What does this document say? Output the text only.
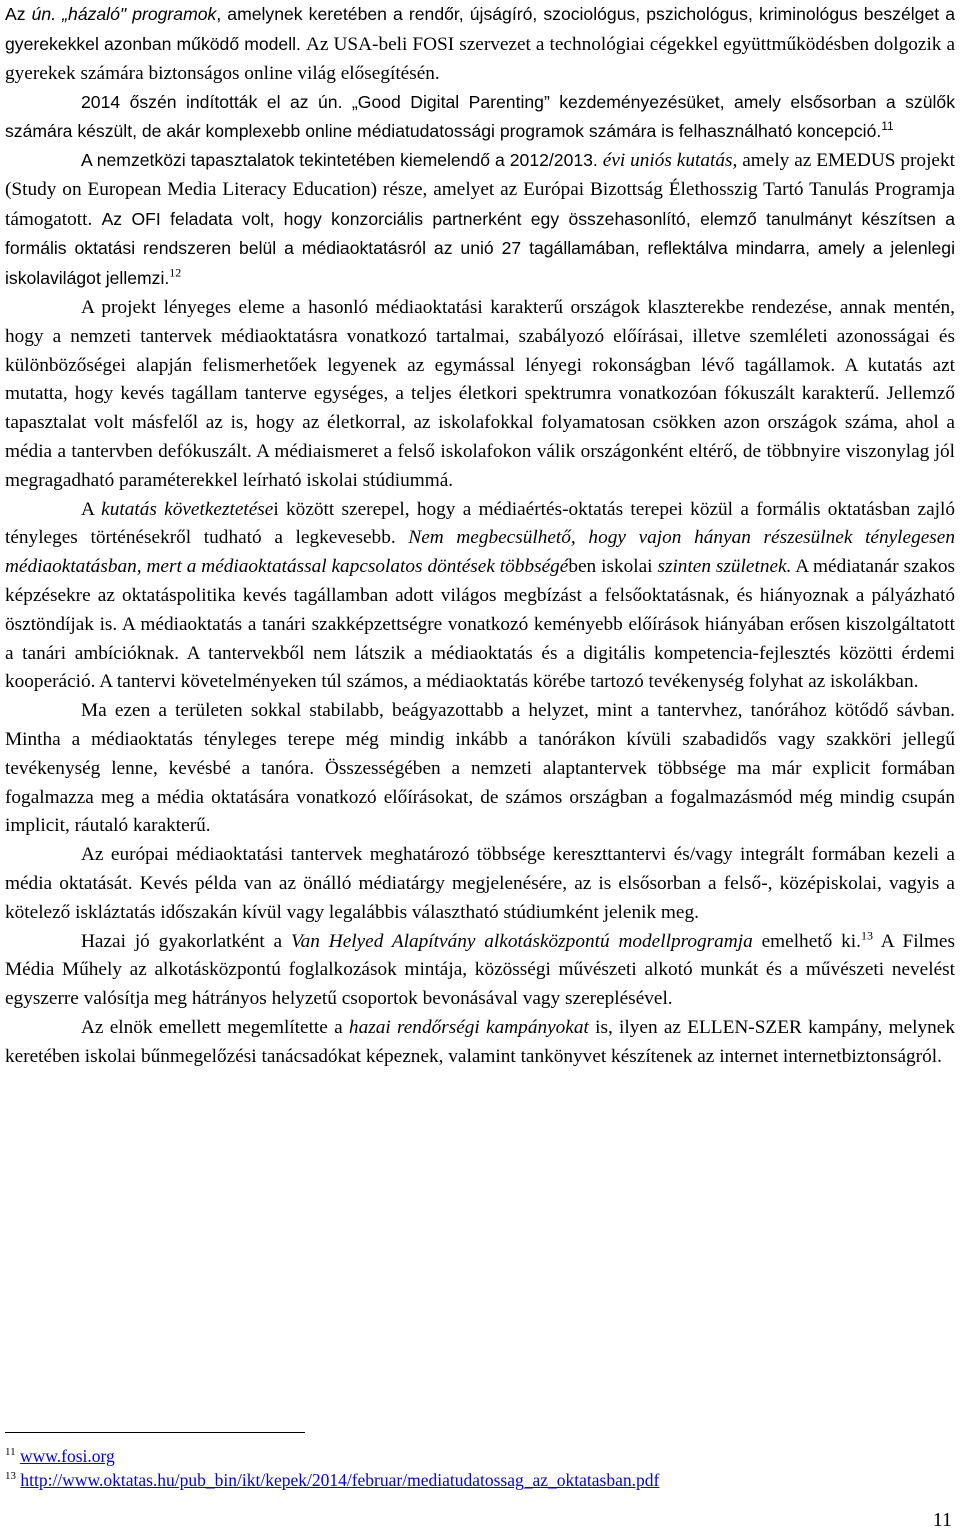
Az ún. „házaló" programok, amelynek keretében a rendőr, újságíró, szociológus, pszichológus, kriminológus beszélget a gyerekekkel azonban működő modell. Az USA-beli FOSI szervezet a technológiai cégekkel együttműködésben dolgozik a gyerekek számára biztonságos online világ elősegítésén.

2014 őszén indították el az ún. „Good Digital Parenting” kezdeményezésüket, amely elsősorban a szülők számára készült, de akár komplexebb online médiatudatossági programok számára is felhasználható koncepció.$^{11}$

A nemzetközi tapasztalatok tekintetében kiemelendő a 2012/2013. évi uniós kutatás, amely az EMEDUS projekt (Study on European Media Literacy Education) része, amelyet az Európai Bizottság Élethosszig Tartó Tanulás Programja támogatott. Az OFI feladata volt, hogy konzorciális partnerként egy összehasonlító, elemző tanulmányt készítsen a formális oktatási rendszeren belül a médiaoktatásról az unió 27 tagállamában, reflektálva mindarra, amely a jelenlegi iskolavilágot jellemzi.$^{12}$

A projekt lényeges eleme a hasonló médiaoktatási karakterű országok klaszterekbe rendezése, annak mentén, hogy a nemzeti tantervek médiaoktatásra vonatkozó tartalmai, szabályozó előírásai, illetve szemléleti azonosságai és különbözőségei alapján felismerhetőek legyenek az egymással lényegi rokonságban lévő tagállamok. A kutatás azt mutatta, hogy kevés tagállam tanterve egységes, a teljes életkori spektrumra vonatkozóan fókuszált karakterű. Jellemző tapasztalat volt másfelől az is, hogy az életkorral, az iskolafokkal folyamatosan csökken azon országok száma, ahol a média a tantervben defókuszált. A médiaismeret a felső iskolafokon válik országonként eltérő, de többnyire viszonylag jól megragadható paraméterekkel leírható iskolai stúdiummá.

A kutatás következtetései között szerepel, hogy a médiaértés-oktatás terepei közül a formális oktatásban zajló tényleges történésekről tudható a legkevesebb. Nem megbecsülhető, hogy vajon hányan részesülnek ténylegesen médiaoktatásban, mert a médiaoktatással kapcsolatos döntések többségében iskolai szinten születnek. A médiatanár szakos képzésekre az oktatáspolitika kevés tagállamban adott világos megbízást a felsőoktatásnak, és hiányoznak a pályázható ösztöndíjak is. A médiaoktatás a tanári szakképzettségre vonatkozó keményebb előírások hiányában erősen kiszolgáltatott a tanári ambícióknak. A tantervekből nem látszik a médiaoktatás és a digitális kompetencia-fejlesztés közötti érdemi kooperáció. A tantervi követelményeken túl számos, a médiaoktatás körébe tartozó tevékenység folyhat az iskolákban.

Ma ezen a területen sokkal stabilabb, beágyazottabb a helyzet, mint a tantervhez, tanórához kötődő sávban. Mintha a médiaoktatás tényleges terepe még mindig inkább a tanórákon kívüli szabadidős vagy szakköri jellegű tevékenység lenne, kevésbé a tanóra. Összességében a nemzeti alaptantervek többsége ma már explicit formában fogalmazza meg a média oktatására vonatkozó előírásokat, de számos országban a fogalmazásmód még mindig csupán implicit, ráutaló karakterű.

Az európai médiaoktatási tantervek meghatározó többsége kereszttantervi és/vagy integrált formában kezeli a média oktatását. Kevés példa van az önálló médiatárgy megjelenésére, az is elsősorban a felső-, középiskolai, vagyis a kötelező iskláztatás időszakán kívül vagy legalábbis választható stúdiumként jelenik meg.

Hazai jó gyakorlatként a Van Helyed Alapítvány alkotásközpontú modellprogramja emelhető ki.$^{13}$ A Filmes Média Műhely az alkotásközpontú foglalkozások mintája, közösségi művészeti alkotó munkát és a művészeti nevelést egyszerre valósítja meg hátrányos helyzetű csoportok bevonásával vagy szereplésével.

Az elnök emellett megemlítette a hazai rendőrségi kampányokat is, ilyen az ELLEN-SZER kampány, melynek keretében iskolai bűnmegelőzési tanácsadókat képeznek, valamint tankönyvet készítenek az internet internetbiztonságról.

$^{11}$ www.fosi.org
$^{13}$ http://www.oktatas.hu/pub_bin/ikt/kepek/2014/februar/mediatudatossag_az_oktatasban.pdf
11
